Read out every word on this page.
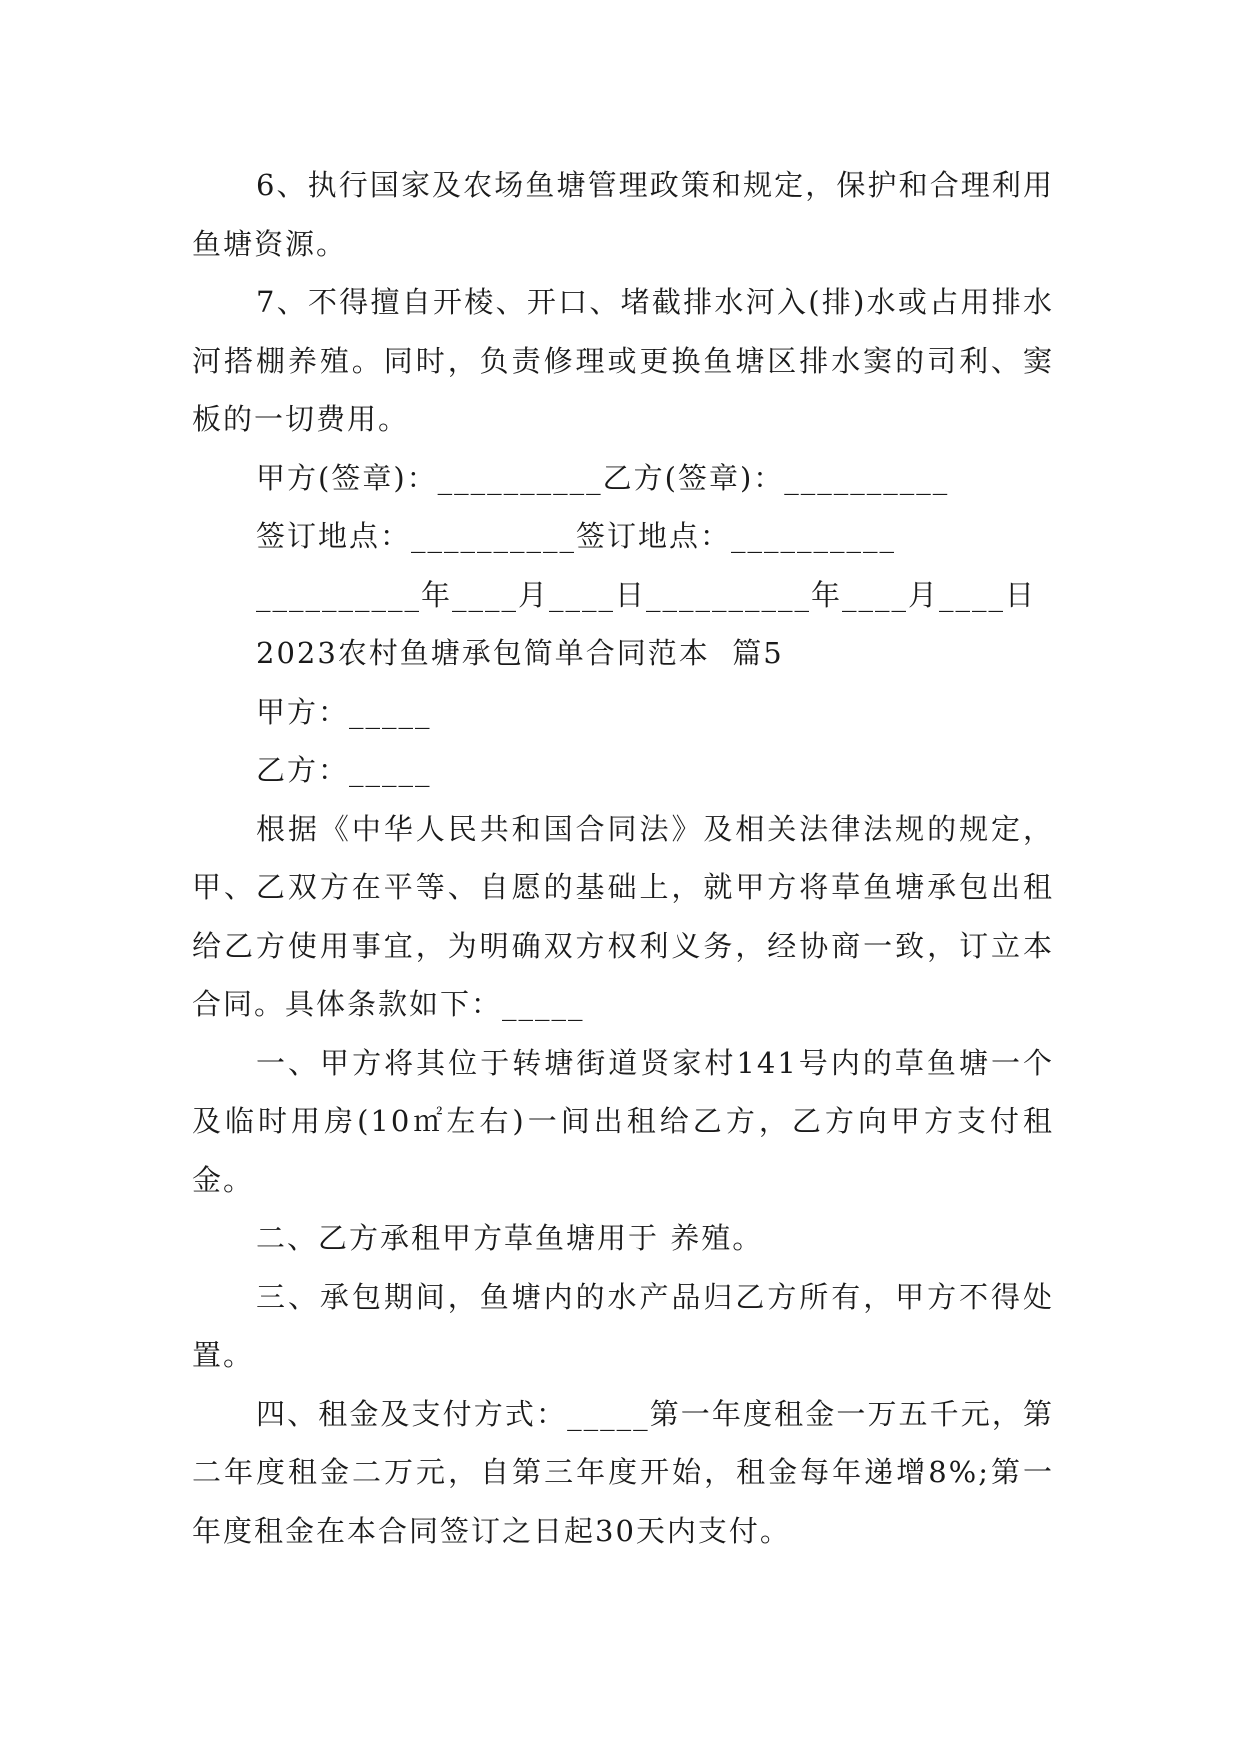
6、执行国家及农场鱼塘管理政策和规定，保护和合理利用鱼塘资源。

7、不得擅自开棱、开口、堵截排水河入(排)水或占用排水河搭棚养殖。同时，负责修理或更换鱼塘区排水窦的司利、窦板的一切费用。

甲方(签章)：__________乙方(签章)：__________

签订地点：__________签订地点：__________

__________年____月____日__________年____月____日

2023农村鱼塘承包简单合同范本  篇5

甲方：_____

乙方：_____

根据《中华人民共和国合同法》及相关法律法规的规定，甲、乙双方在平等、自愿的基础上，就甲方将草鱼塘承包出租给乙方使用事宜，为明确双方权利义务，经协商一致，订立本合同。具体条款如下：_____

一、甲方将其位于转塘街道贤家村141号内的草鱼塘一个及临时用房(10㎡左右)一间出租给乙方，乙方向甲方支付租金。

二、乙方承租甲方草鱼塘用于 养殖。

三、承包期间，鱼塘内的水产品归乙方所有，甲方不得处置。

四、租金及支付方式：_____第一年度租金一万五千元，第二年度租金二万元，自第三年度开始，租金每年递增8%;第一年度租金在本合同签订之日起30天内支付。
